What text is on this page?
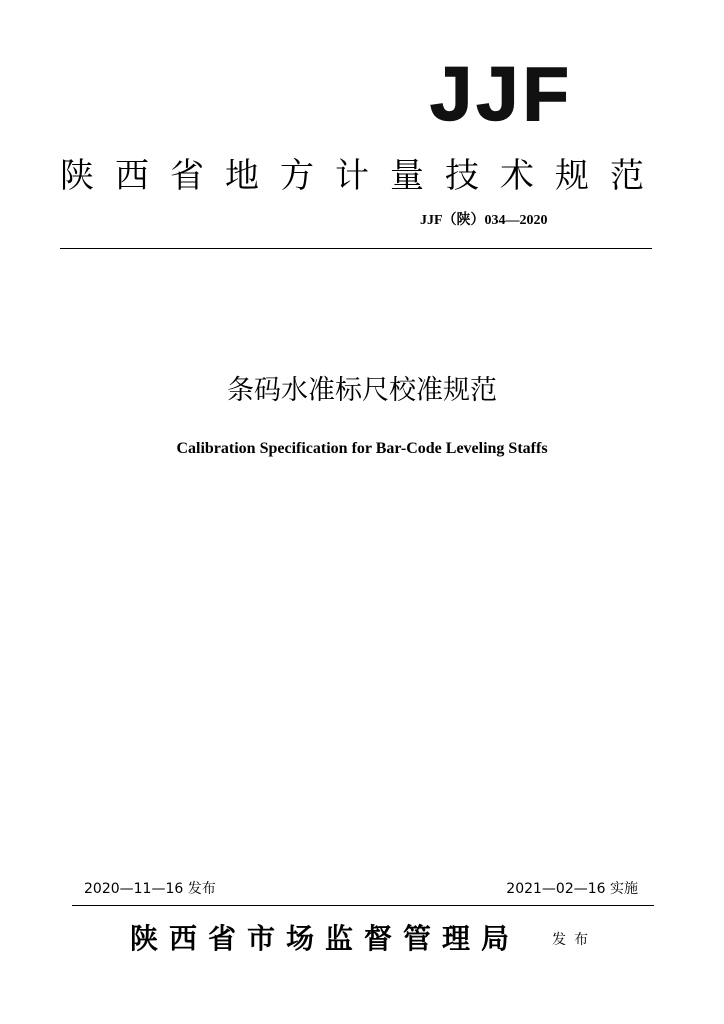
JJF
陕西省地方计量技术规范
JJF（陕）034—2020
条码水准标尺校准规范
Calibration Specification for Bar-Code Leveling Staffs
2020—11—16 发布	2021—02—16 实施
陕西省市场监督管理局 发布
